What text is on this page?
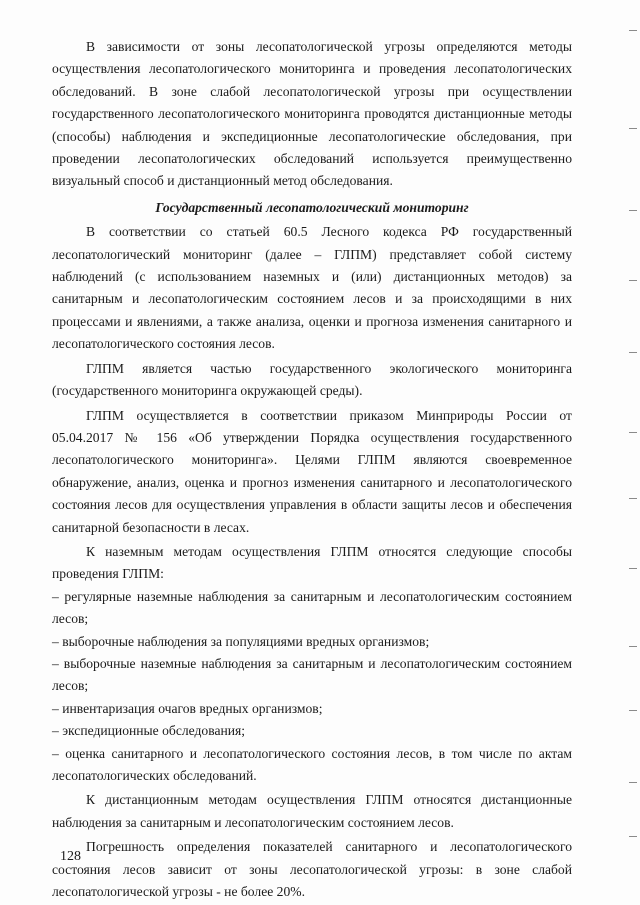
В зависимости от зоны лесопатологической угрозы определяются методы осуществления лесопатологического мониторинга и проведения лесопатологических обследований. В зоне слабой лесопатологической угрозы при осуществлении государственного лесопатологического мониторинга проводятся дистанционные методы (способы) наблюдения и экспедиционные лесопатологические обследования, при проведении лесопатологических обследований используется преимущественно визуальный способ и дистанционный метод обследования.

Государственный лесопатологический мониторинг

В соответствии со статьей 60.5 Лесного кодекса РФ государственный лесопатологический мониторинг (далее – ГЛПМ) представляет собой систему наблюдений (с использованием наземных и (или) дистанционных методов) за санитарным и лесопатологическим состоянием лесов и за происходящими в них процессами и явлениями, а также анализа, оценки и прогноза изменения санитарного и лесопатологического состояния лесов.

ГЛПМ является частью государственного экологического мониторинга (государственного мониторинга окружающей среды).

ГЛПМ осуществляется в соответствии приказом Минприроды России от 05.04.2017 № 156 «Об утверждении Порядка осуществления государственного лесопатологического мониторинга». Целями ГЛПМ являются своевременное обнаружение, анализ, оценка и прогноз изменения санитарного и лесопатологического состояния лесов для осуществления управления в области защиты лесов и обеспечения санитарной безопасности в лесах.

К наземным методам осуществления ГЛПМ относятся следующие способы проведения ГЛПМ:

– регулярные наземные наблюдения за санитарным и лесопатологическим состоянием лесов;

– выборочные наблюдения за популяциями вредных организмов;

– выборочные наземные наблюдения за санитарным и лесопатологическим состоянием лесов;

– инвентаризация очагов вредных организмов;

– экспедиционные обследования;

– оценка санитарного и лесопатологического состояния лесов, в том числе по актам лесопатологических обследований.

К дистанционным методам осуществления ГЛПМ относятся дистанционные наблюдения за санитарным и лесопатологическим состоянием лесов.

Погрешность определения показателей санитарного и лесопатологического состояния лесов зависит от зоны лесопатологической угрозы: в зоне слабой лесопатологической угрозы - не более 20%.

128
